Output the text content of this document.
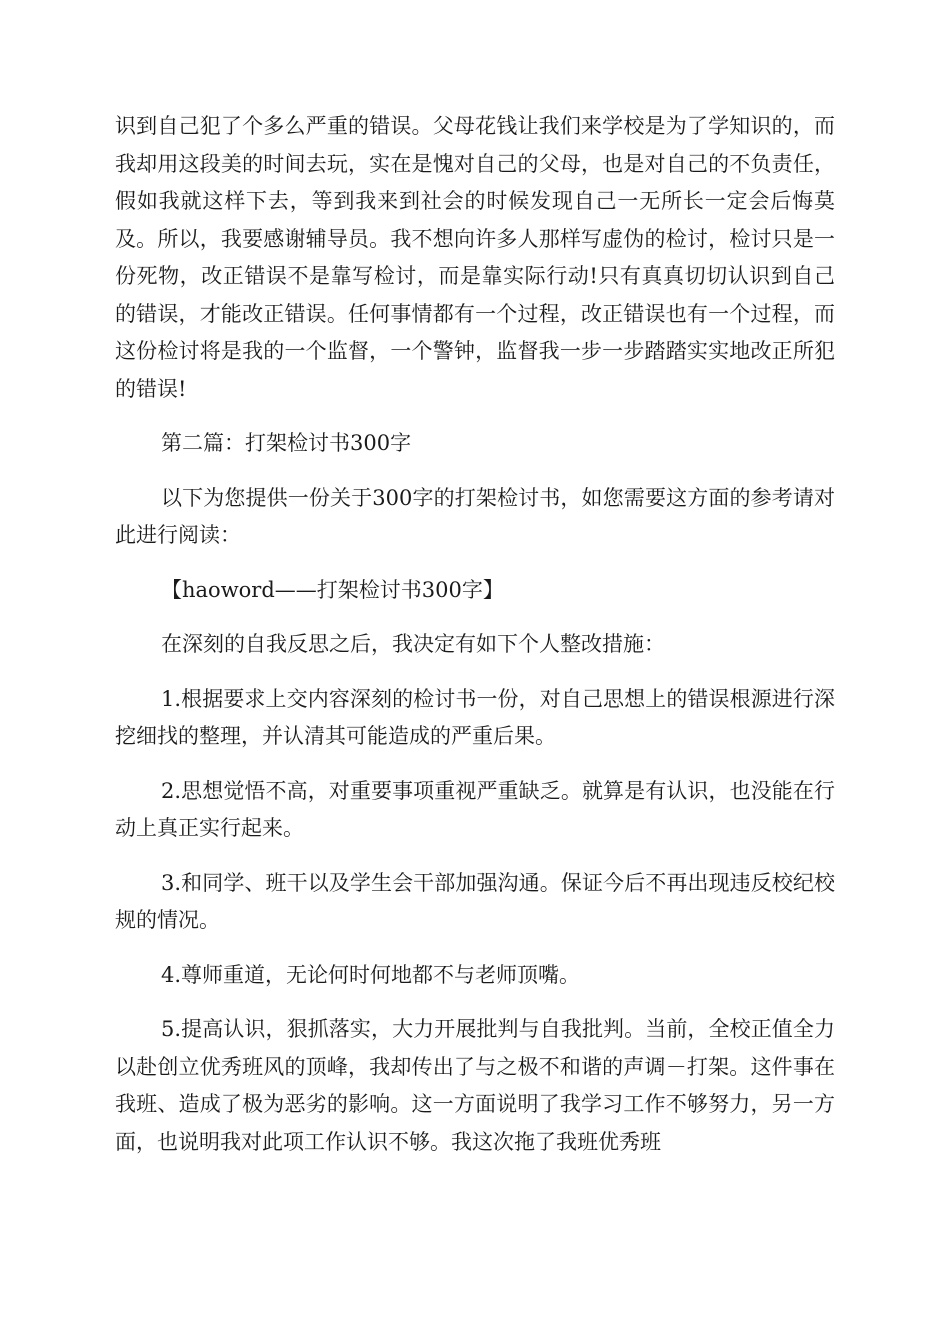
识到自己犯了个多么严重的错误。父母花钱让我们来学校是为了学知识的，而我却用这段美的时间去玩，实在是愧对自己的父母，也是对自己的不负责任，假如我就这样下去，等到我来到社会的时候发现自己一无所长一定会后悔莫及。所以，我要感谢辅导员。我不想向许多人那样写虚伪的检讨，检讨只是一份死物，改正错误不是靠写检讨，而是靠实际行动!只有真真切切认识到自己的错误，才能改正错误。任何事情都有一个过程，改正错误也有一个过程，而这份检讨将是我的一个监督，一个警钟，监督我一步一步踏踏实实地改正所犯的错误!

第二篇：打架检讨书300字

以下为您提供一份关于300字的打架检讨书，如您需要这方面的参考请对此进行阅读：

【haoword——打架检讨书300字】

在深刻的自我反思之后，我决定有如下个人整改措施：

1.根据要求上交内容深刻的检讨书一份，对自己思想上的错误根源进行深挖细找的整理，并认清其可能造成的严重后果。

2.思想觉悟不高，对重要事项重视严重缺乏。就算是有认识，也没能在行动上真正实行起来。

3.和同学、班干以及学生会干部加强沟通。保证今后不再出现违反校纪校规的情况。

4.尊师重道，无论何时何地都不与老师顶嘴。

5.提高认识，狠抓落实，大力开展批判与自我批判。当前，全校正值全力以赴创立优秀班风的顶峰，我却传出了与之极不和谐的声调－打架。这件事在我班、造成了极为恶劣的影响。这一方面说明了我学习工作不够努力，另一方面，也说明我对此项工作认识不够。我这次拖了我班优秀班
